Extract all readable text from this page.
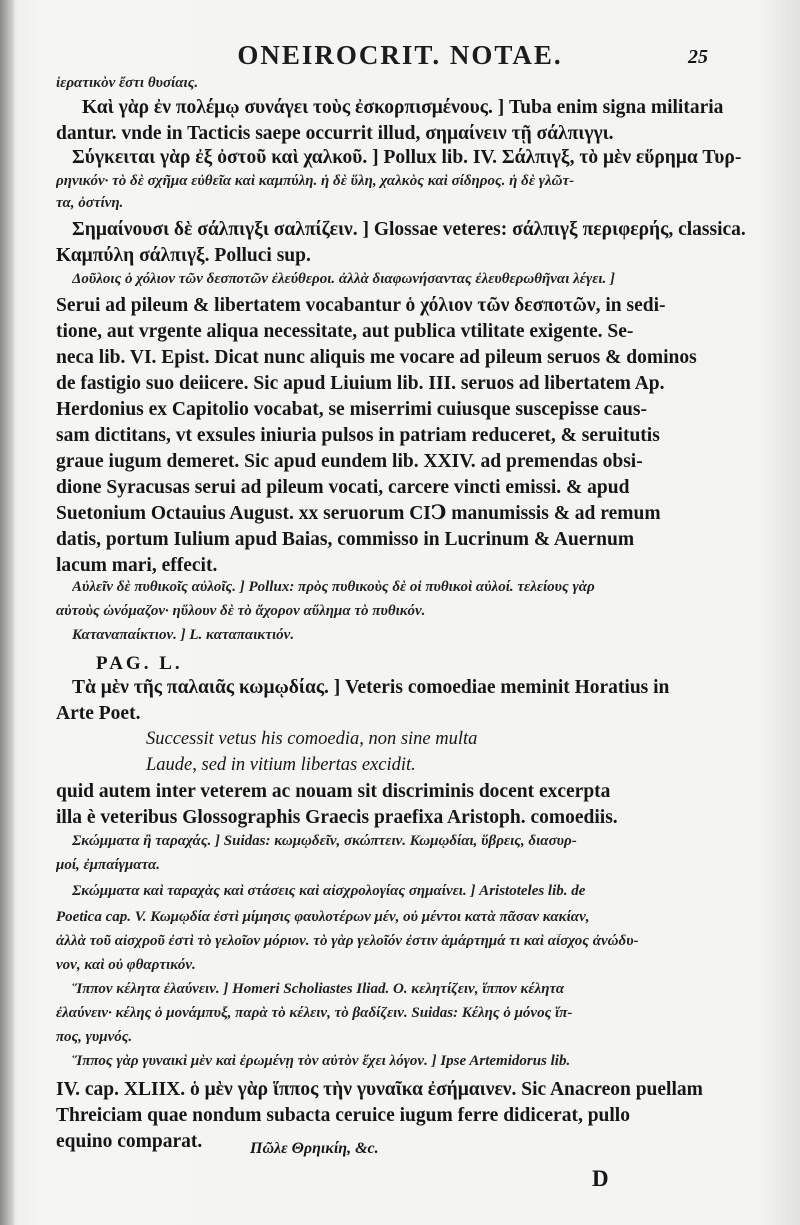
ONEIROCRIT. NOTAE.	25
ἱερατικὸν ἔστι θυσίαις.
Καὶ γὰρ ἐν πολέμῳ συνάγει τοὺς ἐσκορπισμένους. ] Tuba enim signa militaria
dantur. vnde in Tacticis saepe occurrit illud, σημαίνειν τῇ σάλπιγγι.
Σύγκειται γὰρ ἐξ ὀστοῦ καὶ χαλκοῦ. ] Pollux lib. IV. Σάλπιγξ, τὸ μὲν εὕρημα Τυρ-
ρηνικόν· τὸ δὲ σχῆμα εὐθεῖα καὶ καμπύλη. ἡ δὲ ὕλη, χαλκὸς καὶ σίδηρος. ἡ δὲ γλῶτ-
τα, ὀστίνη.
Σημαίνουσι δὲ σάλπιγξι σαλπίζειν. ] Glossae veteres: σάλπιγξ περιφερής, classica.
Καμπύλη σάλπιγξ. Polluci sup.
Δοῦλοις ὁ χόλιον τῶν δεσποτῶν ἐλεύθεροι. ἀλλὰ διαφωνήσαντας ἐλευθερωθῆναι λέγει. ]
Serui ad pileum & libertatem vocabantur ὁ χόλιον τῶν δεσποτῶν, in sedi-
tione, aut vrgente aliqua necessitate, aut publica vtilitate exigente. Se-
neca lib. VI. Epist. Dicat nunc aliquis me vocare ad pileum seruos & dominos
de fastigio suo deiicere. Sic apud Liuium lib. III. seruos ad libertatem Ap.
Herdonius ex Capitolio vocabat, se miserrimi cuiusque suscepisse caus-
sam dictitans, vt exsules iniuria pulsos in patriam reduceret, & seruitutis
graue iugum demeret. Sic apud eundem lib. XXIV. ad premendas obsi-
dione Syracusas serui ad pileum vocati, carcere vincti emissi. & apud
Suetonium Octauius August. xx seruorum CIↃ manumissis & ad remum
datis, portum Iulium apud Baias, commisso in Lucrinum & Auernum
lacum mari, effecit.
Αὐλεῖν δὲ πυθικοῖς αὐλοῖς. ] Pollux: πρὸς πυθικοὺς δὲ οἱ πυθικοὶ αὐλοί. τελείους γὰρ
αὐτοὺς ὠνόμαζον· ηὔλουν δὲ τὸ ἄχορον αὔλημα τὸ πυθικόν.
Καταναπαίκτιον. ] L. καταπαικτιόν.
PAG. L.
Τὰ μὲν τῆς παλαιᾶς κωμῳδίας. ] Veteris comoediae meminit Horatius in
Arte Poet.
Successit vetus his comoedia, non sine multa
Laude, sed in vitium libertas excidit.
quid autem inter veterem ac nouam sit discriminis docent excerpta
illa è veteribus Glossographis Graecis praefixa Aristoph. comoediis.
Σκώμματα ἢ ταραχάς. ] Suidas: κωμῳδεῖν, σκώπτειν. Κωμῳδίαι, ὕβρεις, διασυρ-
μοί, ἐμπαίγματα.
Σκώμματα καὶ ταραχὰς καὶ στάσεις καὶ αἰσχρολογίας σημαίνει. ] Aristoteles lib. de
Poetica cap. V. Κωμῳδία ἐστὶ μίμησις φαυλοτέρων μέν, οὐ μέντοι κατὰ πᾶσαν κακίαν,
ἀλλὰ τοῦ αἰσχροῦ ἐστὶ τὸ γελοῖον μόριον. τὸ γὰρ γελοῖόν ἐστιν ἁμάρτημά τι καὶ αἶσχος ἀνώδυ-
νον, καὶ οὐ φθαρτικόν.
Ἵππον κέλητα ἐλαύνειν. ] Homeri Scholiastes Iliad. O. κελητίζειν, ἵππον κέλητα
ἐλαύνειν· κέλης ὁ μονάμπυξ, παρὰ τὸ κέλειν, τὸ βαδίζειν. Suidas: Κέλης ὁ μόνος ἵπ-
πος, γυμνός.
Ἵππος γὰρ γυναικὶ μὲν καὶ ἐρωμένῃ τὸν αὐτὸν ἔχει λόγον. ] Ipse Artemidorus lib.
IV. cap. XLIIX. ὁ μὲν γὰρ ἵππος τὴν γυναῖκα ἐσήμαινεν. Sic Anacreon puellam
Threiciam quae nondum subacta ceruice iugum ferre didicerat, pullo
equino comparat.	Πῶλε Θρηικίη, &c.
D
